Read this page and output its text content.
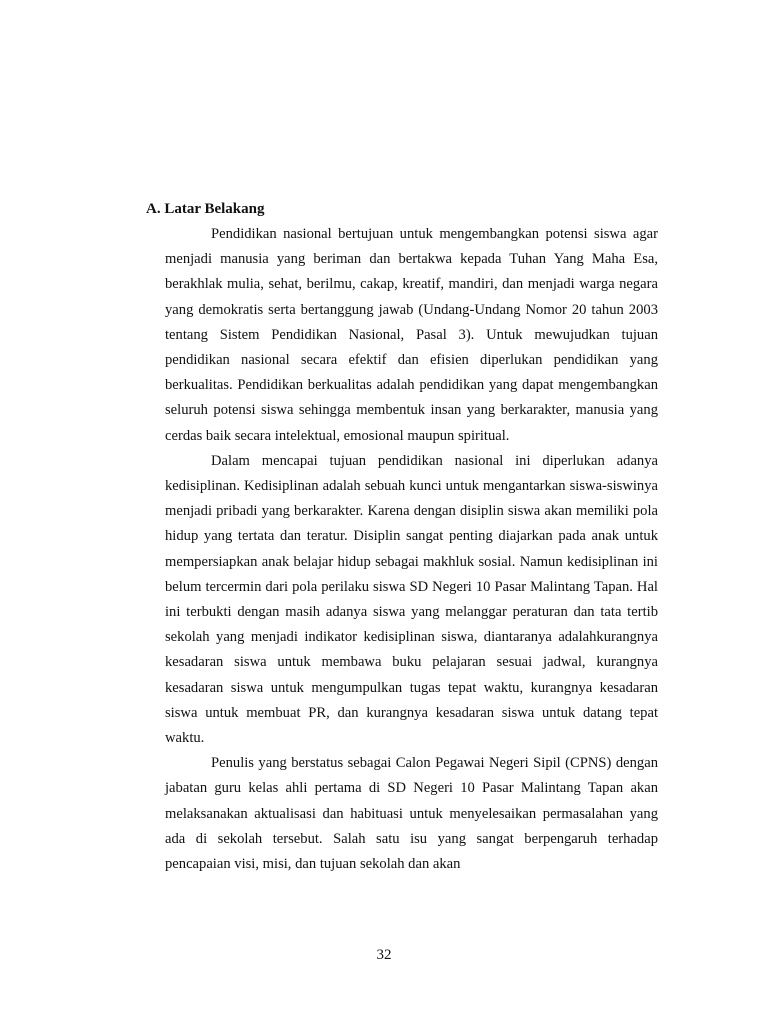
A. Latar Belakang

Pendidikan nasional bertujuan untuk mengembangkan potensi siswa agar menjadi manusia yang beriman dan bertakwa kepada Tuhan Yang Maha Esa, berakhlak mulia, sehat, berilmu, cakap, kreatif, mandiri, dan menjadi warga negara yang demokratis serta bertanggung jawab (Undang-Undang Nomor 20 tahun 2003 tentang Sistem Pendidikan Nasional, Pasal 3). Untuk mewujudkan tujuan pendidikan nasional secara efektif dan efisien diperlukan pendidikan yang berkualitas. Pendidikan berkualitas adalah pendidikan yang dapat mengembangkan seluruh potensi siswa sehingga membentuk insan yang berkarakter, manusia yang cerdas baik secara intelektual, emosional maupun spiritual.

Dalam mencapai tujuan pendidikan nasional ini diperlukan adanya kedisiplinan. Kedisiplinan adalah sebuah kunci untuk mengantarkan siswa-siswinya menjadi pribadi yang berkarakter. Karena dengan disiplin siswa akan memiliki pola hidup yang tertata dan teratur. Disiplin sangat penting diajarkan pada anak untuk mempersiapkan anak belajar hidup sebagai makhluk sosial. Namun kedisiplinan ini belum tercermin dari pola perilaku siswa SD Negeri 10 Pasar Malintang Tapan. Hal ini terbukti dengan masih adanya siswa yang melanggar peraturan dan tata tertib sekolah yang menjadi indikator kedisiplinan siswa, diantaranya adalahkurangnya kesadaran siswa untuk membawa buku pelajaran sesuai jadwal, kurangnya kesadaran siswa untuk mengumpulkan tugas tepat waktu, kurangnya kesadaran siswa untuk membuat PR, dan kurangnya kesadaran siswa untuk datang tepat waktu.

Penulis yang berstatus sebagai Calon Pegawai Negeri Sipil (CPNS) dengan jabatan guru kelas ahli pertama di SD Negeri 10 Pasar Malintang Tapan akan melaksanakan aktualisasi dan habituasi untuk menyelesaikan permasalahan yang ada di sekolah tersebut. Salah satu isu yang sangat berpengaruh terhadap pencapaian visi, misi, dan tujuan sekolah dan akan

32
